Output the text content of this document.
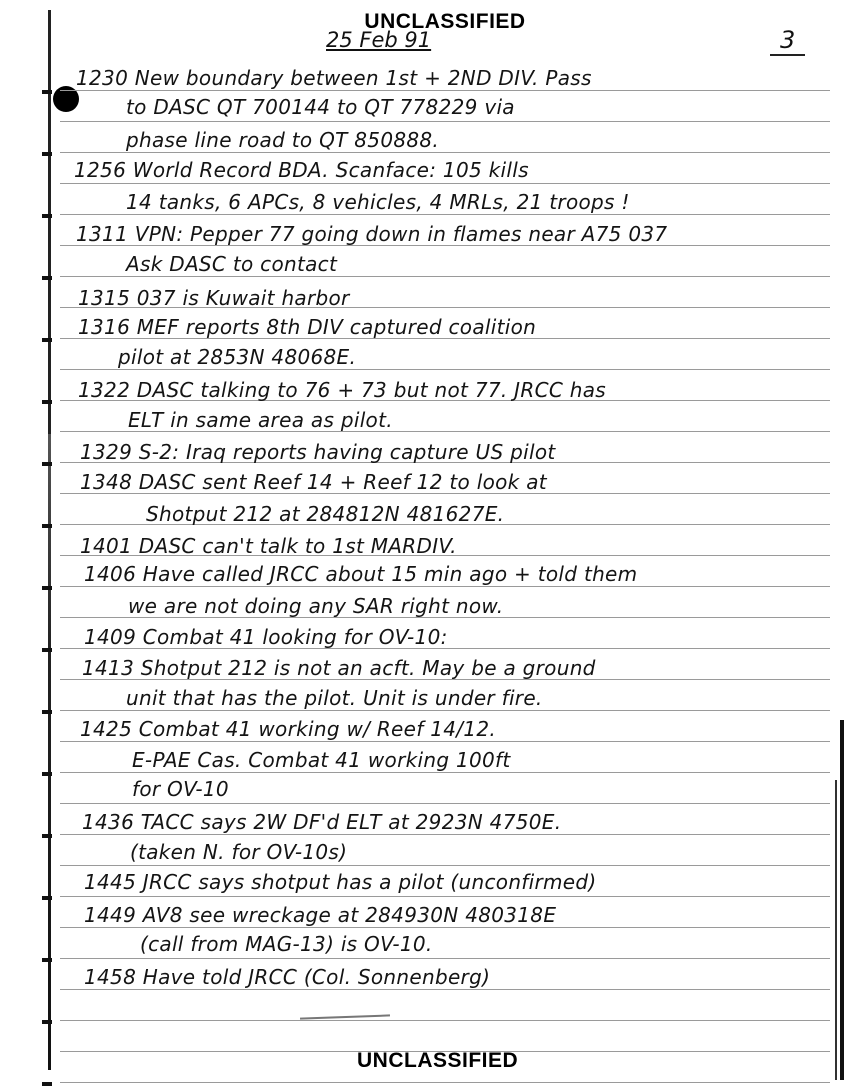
UNCLASSIFIED
25 Feb 91	3
1230 New boundary between 1st + 2ND DIV. Pass
to DASC QT 700144 to QT 778229 via
phase line road to QT 850888.
1256 World Record BDA. Scanface: 105 kills
14 tanks, 6 APCs, 8 vehicles, 4 MRLs, 21 troops !
1311 VPN: Pepper 77 going down in flames near A75 037
Ask DASC to contact
1315 037 is Kuwait harbor
1316 MEF reports 8th DIV captured coalition
pilot at 2853N 48068E.
1322 DASC talking to 76 + 73 but not 77. JRCC has
ELT in same area as pilot.
1329 S-2: Iraq reports having capture US pilot
1348 DASC sent Reef 14 + Reef 12 to look at
Shotput 212 at 284812N 481627E.
1401 DASC can't talk to 1st MARDIV.
1406 Have called JRCC about 15 min ago + told them
we are not doing any SAR right now.
1409 Combat 41 looking for OV-10:
1413 Shotput 212 is not an acft. May be a ground
unit that has the pilot. Unit is under fire.
1425 Combat 41 working w/ Reef 14/12.
E-PAE Cas. Combat 41 working 100ft
for OV-10
1436 TACC says 2W DF'd ELT at 2923N 4750E.
(taken N. for OV-10s)
1445 JRCC says shotput has a pilot (unconfirmed)
1449 AV8 see wreckage at 284930N 480318E
(call from MAG-13) is OV-10.
1458 Have told JRCC (Col. Sonnenberg)
UNCLASSIFIED
